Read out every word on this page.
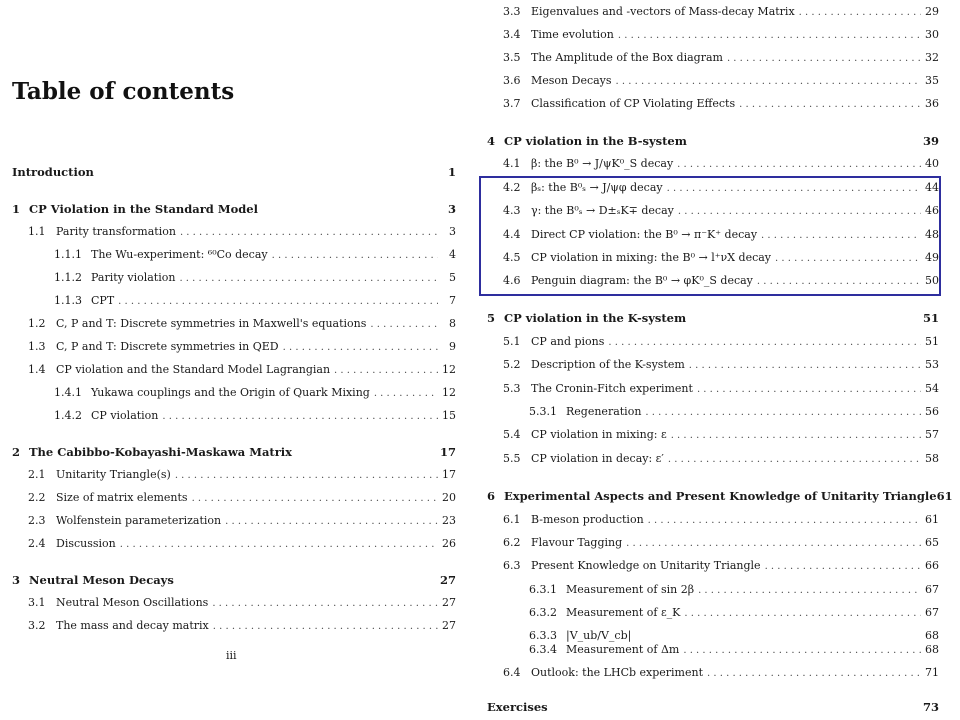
Table of contents
Introduction	1
1 CP Violation in the Standard Model	3
1.1 Parity transformation . . .	3
1.1.1 The Wu-experiment: ⁶⁰Co decay . . .	4
1.1.2 Parity violation . . .	5
1.1.3 CPT . . .	7
1.2 C, P and T: Discrete symmetries in Maxwell's equations . . .	8
1.3 C, P and T: Discrete symmetries in QED . . .	9
1.4 CP violation and the Standard Model Lagrangian . . .	12
1.4.1 Yukawa couplings and the Origin of Quark Mixing . . .	12
1.4.2 CP violation . . .	15
2 The Cabibbo-Kobayashi-Maskawa Matrix	17
2.1 Unitarity Triangle(s) . . .	17
2.2 Size of matrix elements . . .	20
2.3 Wolfenstein parameterization . . .	23
2.4 Discussion . . .	26
3 Neutral Meson Decays	27
3.1 Neutral Meson Oscillations . . .	27
3.2 The mass and decay matrix . . .	27
iii
3.3 Eigenvalues and -vectors of Mass-decay Matrix . . .	29
3.4 Time evolution . . .	30
3.5 The Amplitude of the Box diagram . . .	32
3.6 Meson Decays . . .	35
3.7 Classification of CP Violating Effects . . .	36
4 CP violation in the B-system	39
4.1 β: the B⁰ → J/ψK⁰_S decay . . .	40
4.2 βₛ: the B⁰ₛ → J/ψφ decay . . .	44
4.3 γ: the B⁰ₛ → D±ₛK∓ decay . . .	46
4.4 Direct CP violation: the B⁰ → π⁻K⁺ decay . . .	48
4.5 CP violation in mixing: the B⁰ → l⁺νX decay . . .	49
4.6 Penguin diagram: the B⁰ → φK⁰_S decay . . .	50
5 CP violation in the K-system	51
5.1 CP and pions . . .	51
5.2 Description of the K-system . . .	53
5.3 The Cronin-Fitch experiment . . .	54
5.3.1 Regeneration . . .	56
5.4 CP violation in mixing: ε . . .	57
5.5 CP violation in decay: ε′ . . .	58
6 Experimental Aspects and Present Knowledge of Unitarity Triangle 61
6.1 B-meson production . . .	61
6.2 Flavour Tagging . . .	65
6.3 Present Knowledge on Unitarity Triangle . . .	66
6.3.1 Measurement of sin 2β . . .	67
6.3.2 Measurement of ε_K . . .	67
6.3.3 |V_ub/V_cb|	68
6.3.4 Measurement of Δm . . .	68
6.4 Outlook: the LHCb experiment . . .	71
Exercises	73
